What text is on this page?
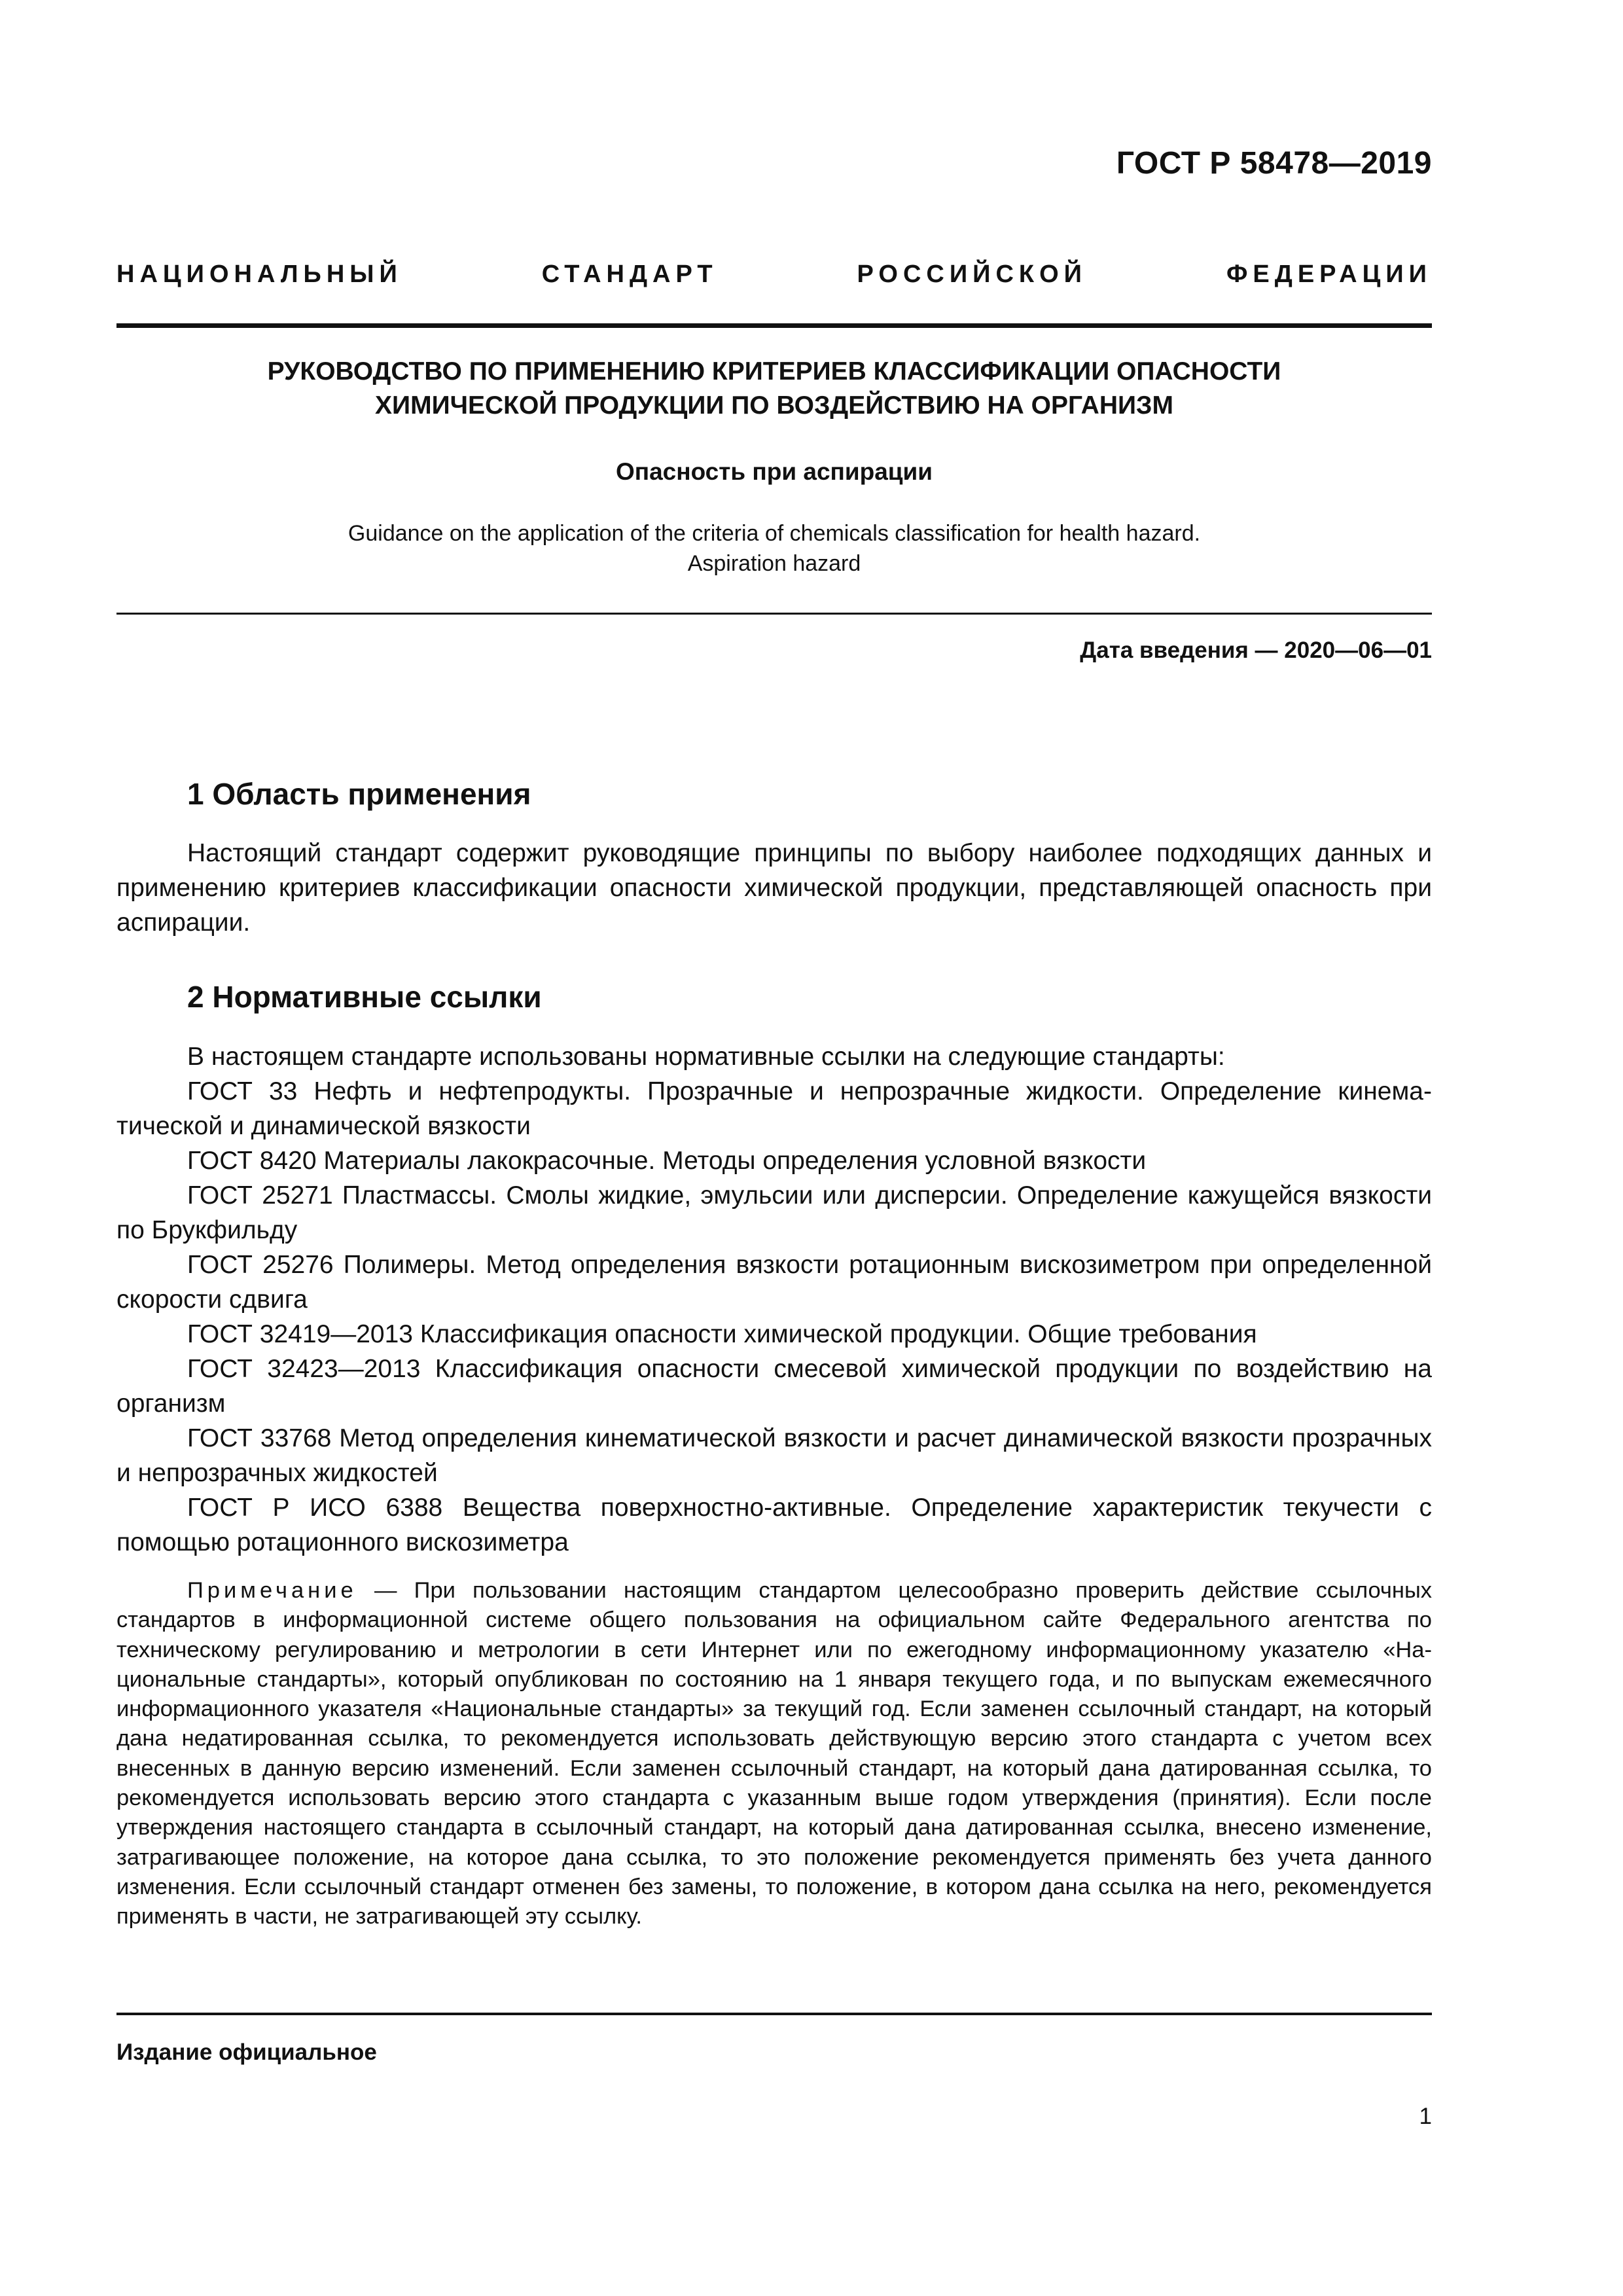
ГОСТ Р 58478—2019
НАЦИОНАЛЬНЫЙ СТАНДАРТ РОССИЙСКОЙ ФЕДЕРАЦИИ
РУКОВОДСТВО ПО ПРИМЕНЕНИЮ КРИТЕРИЕВ КЛАССИФИКАЦИИ ОПАСНОСТИ
ХИМИЧЕСКОЙ ПРОДУКЦИИ ПО ВОЗДЕЙСТВИЮ НА ОРГАНИЗМ
Опасность при аспирации
Guidance on the application of the criteria of chemicals classification for health hazard.
Aspiration hazard
Дата введения — 2020—06—01
1 Область применения
Настоящий стандарт содержит руководящие принципы по выбору наиболее подходящих данных и применению критериев классификации опасности химической продукции, представляющей опасность при аспирации.
2 Нормативные ссылки

В настоящем стандарте использованы нормативные ссылки на следующие стандарты:

ГОСТ 33 Нефть и нефтепродукты. Прозрачные и непрозрачные жидкости. Определение кинематической и динамической вязкости

ГОСТ 8420 Материалы лакокрасочные. Методы определения условной вязкости

ГОСТ 25271 Пластмассы. Смолы жидкие, эмульсии или дисперсии. Определение кажущейся вязкости по Брукфильду

ГОСТ 25276 Полимеры. Метод определения вязкости ротационным вискозиметром при определенной скорости сдвига

ГОСТ 32419—2013 Классификация опасности химической продукции. Общие требования

ГОСТ 32423—2013 Классификация опасности смесевой химической продукции по воздействию на организм

ГОСТ 33768 Метод определения кинематической вязкости и расчет динамической вязкости прозрачных и непрозрачных жидкостей

ГОСТ Р ИСО 6388 Вещества поверхностно-активные. Определение характеристик текучести с помощью ротационного вискозиметра

Примечание — При пользовании настоящим стандартом целесообразно проверить действие ссылочных стандартов в информационной системе общего пользования на официальном сайте Федерального агентства по техническому регулированию и метрологии в сети Интернет или по ежегодному информационному указателю «Национальные стандарты», который опубликован по состоянию на 1 января текущего года, и по выпускам ежемесячного информационного указателя «Национальные стандарты» за текущий год. Если заменен ссылочный стандарт, на который дана недатированная ссылка, то рекомендуется использовать действующую версию этого стандарта с учетом всех внесенных в данную версию изменений. Если заменен ссылочный стандарт, на который дана датированная ссылка, то рекомендуется использовать версию этого стандарта с указанным выше годом утверждения (принятия). Если после утверждения настоящего стандарта в ссылочный стандарт, на который дана датированная ссылка, внесено изменение, затрагивающее положение, на которое дана ссылка, то это положение рекомендуется применять без учета данного изменения. Если ссылочный стандарт отменен без замены, то положение, в котором дана ссылка на него, рекомендуется применять в части, не затрагивающей эту ссылку.
Издание официальное
1
